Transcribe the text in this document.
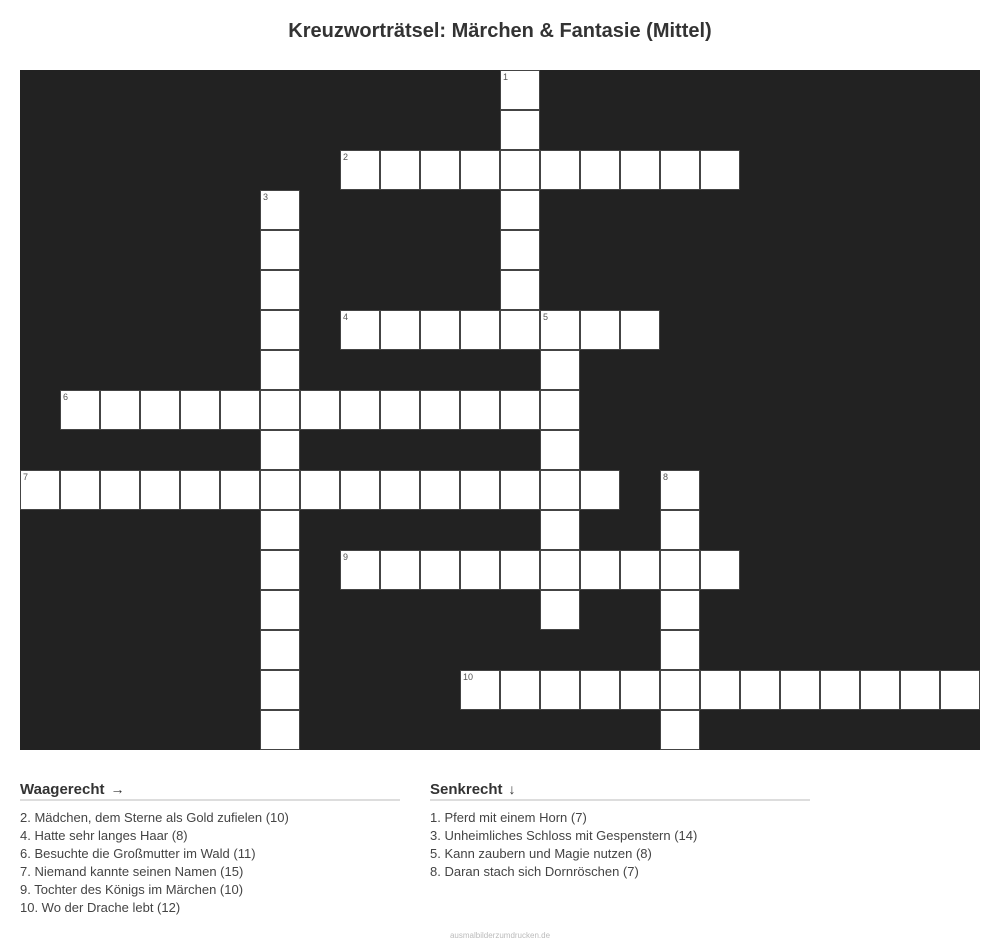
Kreuzworträtsel: Märchen & Fantasie (Mittel)
1
2
3
4	5
6
7	8
9
10
Waagerecht →
2. Mädchen, dem Sterne als Gold zufielen (10)
4. Hatte sehr langes Haar (8)
6. Besuchte die Großmutter im Wald (11)
7. Niemand kannte seinen Namen (15)
9. Tochter des Königs im Märchen (10)
10. Wo der Drache lebt (12)
Senkrecht ↓
1. Pferd mit einem Horn (7)
3. Unheimliches Schloss mit Gespenstern (14)
5. Kann zaubern und Magie nutzen (8)
8. Daran stach sich Dornröschen (7)
ausmalbilderzumdrucken.de
